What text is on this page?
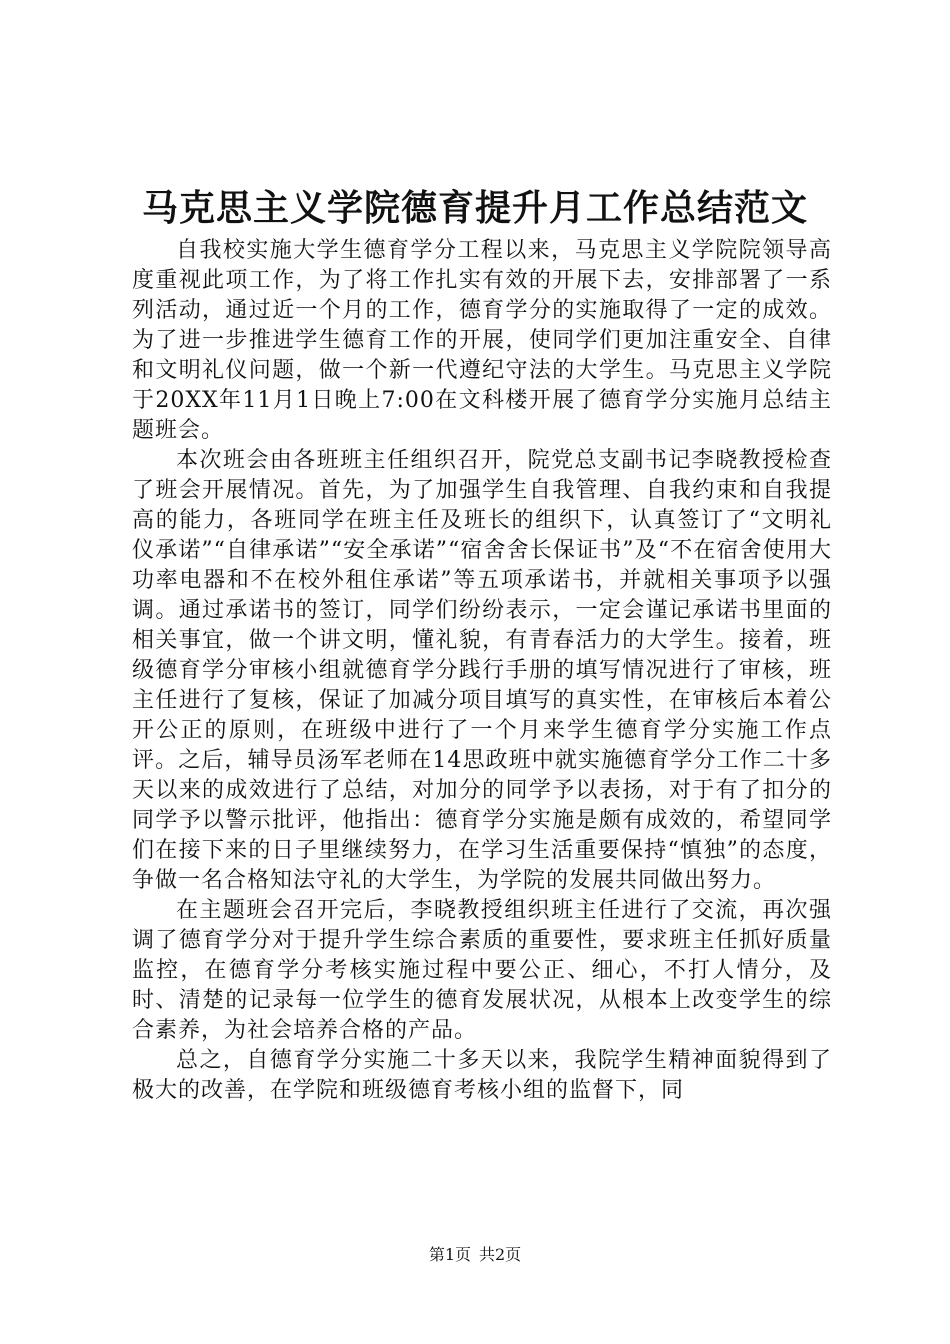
马克思主义学院德育提升月工作总结范文

自我校实施大学生德育学分工程以来，马克思主义学院院领导高度重视此项工作，为了将工作扎实有效的开展下去，安排部署了一系列活动，通过近一个月的工作，德育学分的实施取得了一定的成效。为了进一步推进学生德育工作的开展，使同学们更加注重安全、自律和文明礼仪问题，做一个新一代遵纪守法的大学生。马克思主义学院于20XX年11月1日晚上7:00在文科楼开展了德育学分实施月总结主题班会。

本次班会由各班班主任组织召开，院党总支副书记李晓教授检查了班会开展情况。首先，为了加强学生自我管理、自我约束和自我提高的能力，各班同学在班主任及班长的组织下，认真签订了“文明礼仪承诺”“自律承诺”“安全承诺”“宿舍舍长保证书”及“不在宿舍使用大功率电器和不在校外租住承诺”等五项承诺书，并就相关事项予以强调。通过承诺书的签订，同学们纷纷表示，一定会谨记承诺书里面的相关事宜，做一个讲文明，懂礼貌，有青春活力的大学生。接着，班级德育学分审核小组就德育学分践行手册的填写情况进行了审核，班主任进行了复核，保证了加减分项目填写的真实性，在审核后本着公开公正的原则，在班级中进行了一个月来学生德育学分实施工作点评。之后，辅导员汤军老师在14思政班中就实施德育学分工作二十多天以来的成效进行了总结，对加分的同学予以表扬，对于有了扣分的同学予以警示批评，他指出：德育学分实施是颇有成效的，希望同学们在接下来的日子里继续努力，在学习生活重要保持“慎独”的态度，争做一名合格知法守礼的大学生，为学院的发展共同做出努力。

在主题班会召开完后，李晓教授组织班主任进行了交流，再次强调了德育学分对于提升学生综合素质的重要性，要求班主任抓好质量监控，在德育学分考核实施过程中要公正、细心，不打人情分，及时、清楚的记录每一位学生的德育发展状况，从根本上改变学生的综合素养，为社会培养合格的产品。

总之，自德育学分实施二十多天以来，我院学生精神面貌得到了极大的改善，在学院和班级德育考核小组的监督下，同

第1页 共2页
